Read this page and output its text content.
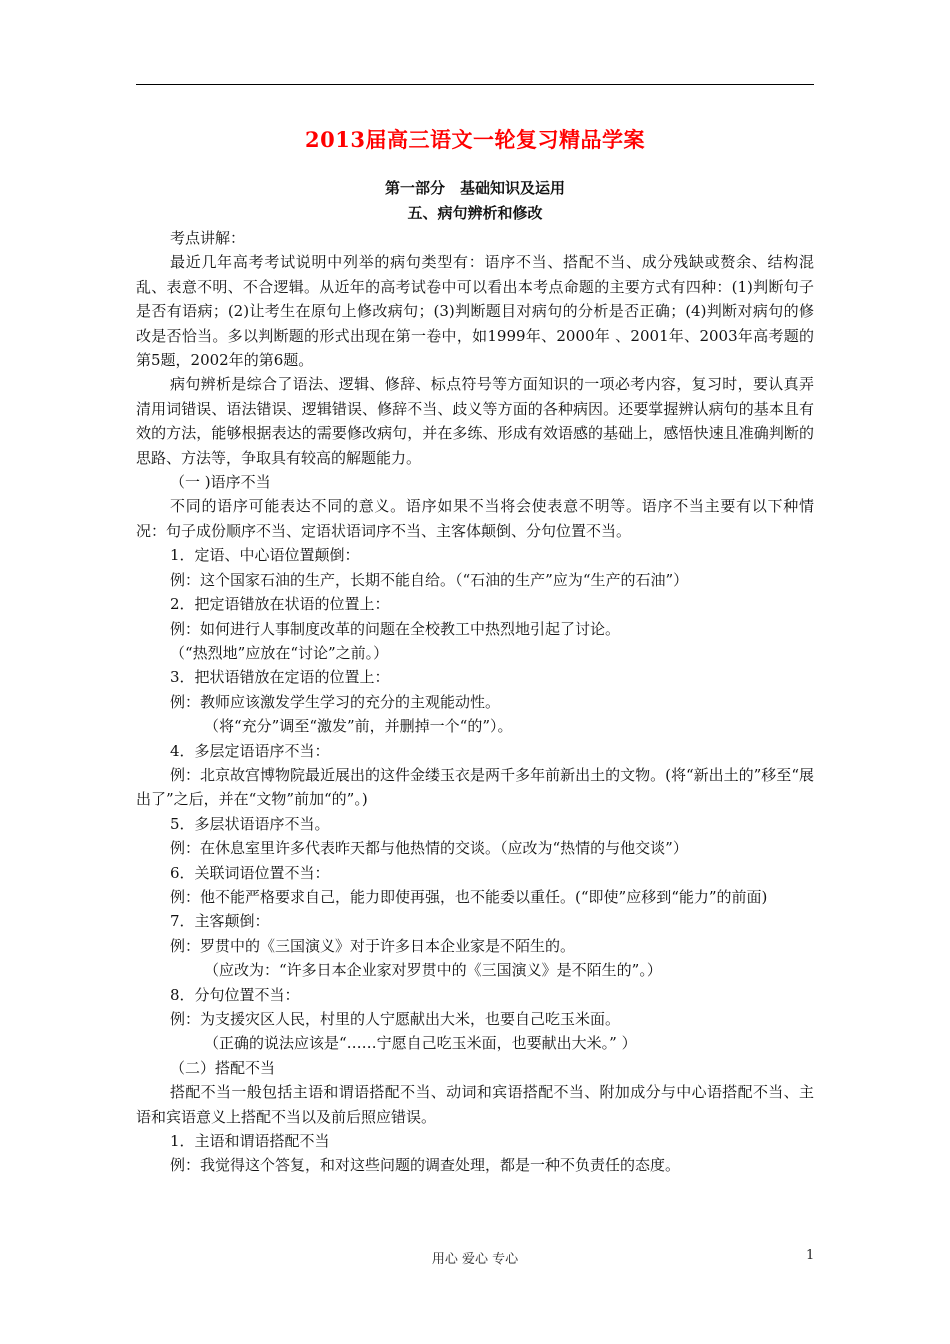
2013届高三语文一轮复习精品学案
第一部分　基础知识及运用
五、病句辨析和修改

考点讲解：

最近几年高考考试说明中列举的病句类型有：语序不当、搭配不当、成分残缺或赘余、结构混乱、表意不明、不合逻辑。从近年的高考试卷中可以看出本考点命题的主要方式有四种：(1)判断句子是否有语病；(2)让考生在原句上修改病句；(3)判断题目对病句的分析是否正确；(4)判断对病句的修改是否恰当。多以判断题的形式出现在第一卷中，如1999年、2000年 、2001年、2003年高考题的第5题，2002年的第6题。

病句辨析是综合了语法、逻辑、修辞、标点符号等方面知识的一项必考内容，复习时，要认真弄清用词错误、语法错误、逻辑错误、修辞不当、歧义等方面的各种病因。还要掌握辨认病句的基本且有效的方法，能够根据表达的需要修改病句，并在多练、形成有效语感的基础上，感悟快速且准确判断的思路、方法等，争取具有较高的解题能力。

（一 )语序不当

不同的语序可能表达不同的意义。语序如果不当将会使表意不明等。语序不当主要有以下种情况：句子成份顺序不当、定语状语词序不当、主客体颠倒、分句位置不当。

1．定语、中心语位置颠倒：

例：这个国家石油的生产，长期不能自给。（“石油的生产”应为“生产的石油”）

2．把定语错放在状语的位置上：

例：如何进行人事制度改革的问题在全校教工中热烈地引起了讨论。

（“热烈地”应放在“讨论”之前。）

3．把状语错放在定语的位置上：

例：教师应该激发学生学习的充分的主观能动性。

（将“充分”调至“激发”前，并删掉一个“的”）。

4．多层定语语序不当：

例：北京故宫博物院最近展出的这件金缕玉衣是两千多年前新出土的文物。(将“新出土的”移至“展出了”之后，并在“文物”前加“的”。)

5．多层状语语序不当。

例：在休息室里许多代表昨天都与他热情的交谈。（应改为“热情的与他交谈”）

6．关联词语位置不当：

例：他不能严格要求自己，能力即使再强，也不能委以重任。(“即使”应移到“能力”的前面)

7．主客颠倒：

例：罗贯中的《三国演义》对于许多日本企业家是不陌生的。

（应改为：“许多日本企业家对罗贯中的《三国演义》是不陌生的”。）

8．分句位置不当：

例：为支援灾区人民，村里的人宁愿献出大米，也要自己吃玉米面。

（正确的说法应该是“……宁愿自己吃玉米面，也要献出大米。” ）

（二）搭配不当

搭配不当一般包括主语和谓语搭配不当、动词和宾语搭配不当、附加成分与中心语搭配不当、主语和宾语意义上搭配不当以及前后照应错误。

1．主语和谓语搭配不当

例：我觉得这个答复，和对这些问题的调查处理，都是一种不负责任的态度。

用心 爱心 专心	1
